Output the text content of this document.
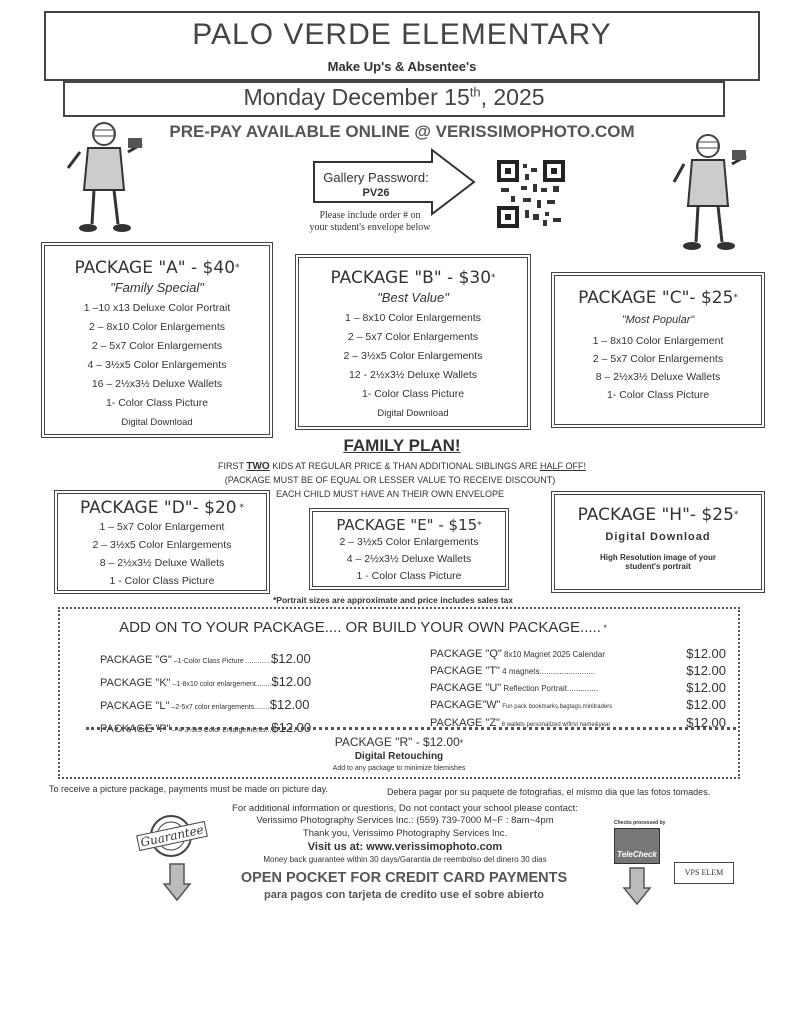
PALO VERDE ELEMENTARY
Make Up's & Absentee's
Monday December 15th, 2025
PRE-PAY AVAILABLE ONLINE @ VERISSIMOPHOTO.COM
Gallery Password:
PV26
Please include order # on
your student's envelope below
PACKAGE "A" - $40*
"Family Special"
1 –10 x13 Deluxe Color Portrait
2 – 8x10 Color Enlargements
2 – 5x7 Color Enlargements
4 – 3½x5 Color Enlargements
16 – 2½x3½ Deluxe Wallets
1- Color Class Picture
Digital Download
PACKAGE "B" - $30*
"Best Value"
1 – 8x10 Color Enlargements
2 – 5x7 Color Enlargements
2 – 3½x5 Color Enlargements
12 - 2½x3½ Deluxe Wallets
1- Color Class Picture
Digital Download
PACKAGE "C"- $25*
"Most Popular"
1 – 8x10 Color Enlargement
2 – 5x7 Color Enlargements
8 – 2½x3½ Deluxe Wallets
1- Color Class Picture
FAMILY PLAN!
FIRST TWO KIDS AT REGULAR PRICE & THAN ADDITIONAL SIBLINGS ARE HALF OFF!
(PACKAGE MUST BE OF EQUAL OR LESSER VALUE TO RECEIVE DISCOUNT)
EACH CHILD MUST HAVE AN THEIR OWN ENVELOPE
PACKAGE "D"- $20 *
1 – 5x7 Color Enlargement
2 – 3½x5 Color Enlargements
8 – 2½x3½ Deluxe Wallets
1 - Color Class Picture
PACKAGE "E" - $15*
2 – 3½x5 Color Enlargements
4 – 2½x3½ Deluxe Wallets
1 - Color Class Picture
PACKAGE "H"- $25*
Digital Download
High Resolution image of your
student's portrait
*Portrait sizes are approximate and price includes sales tax
ADD ON TO YOUR PACKAGE.... OR BUILD YOUR OWN PACKAGE..... *
PACKAGE "G" –1-Color Class Picture .............$12.00
PACKAGE "K" –1-8x10 color enlargement........$12.00
PACKAGE "L" –2-5x7 color enlargements........$12.00
PACKAGE "P" – 4-3½x5 Color Enlargements...$12.00
PACKAGE "Q" 8x10 Magnet 2025 Calendar	$12.00
PACKAGE "T" 4 magnets.........................	$12.00
PACKAGE "U" Reflection Portrait..............	$12.00
PACKAGE"W" Fun pack bookmarks,bagtags,minitraders	$12.00
PACKAGE "Z" 8 wallets personalized w/first name&year	$12.00
PACKAGE "R" - $12.00*
Digital Retouching
Add to any package to minimize blemishes
To receive a picture package, payments must be made on picture day.	Debera pagar por su paquete de fotografias, el mismo dia que las fotos tomades.
For additional information or questions, Do not contact your school please contact:
Verissimo Photography Services Inc.: (559) 739-7000 M~F : 8am~4pm
Thank you, Verissimo Photography Services Inc.
Visit us at: www.verissimophoto.com
Money back guarantee within 30 days/Garantia de reembolso del dinero 30 dias
Guarantee	Checks processed by
TeleCheck
VPS ELEM
OPEN POCKET FOR CREDIT CARD PAYMENTS
para pagos con tarjeta de credito use el sobre abierto
